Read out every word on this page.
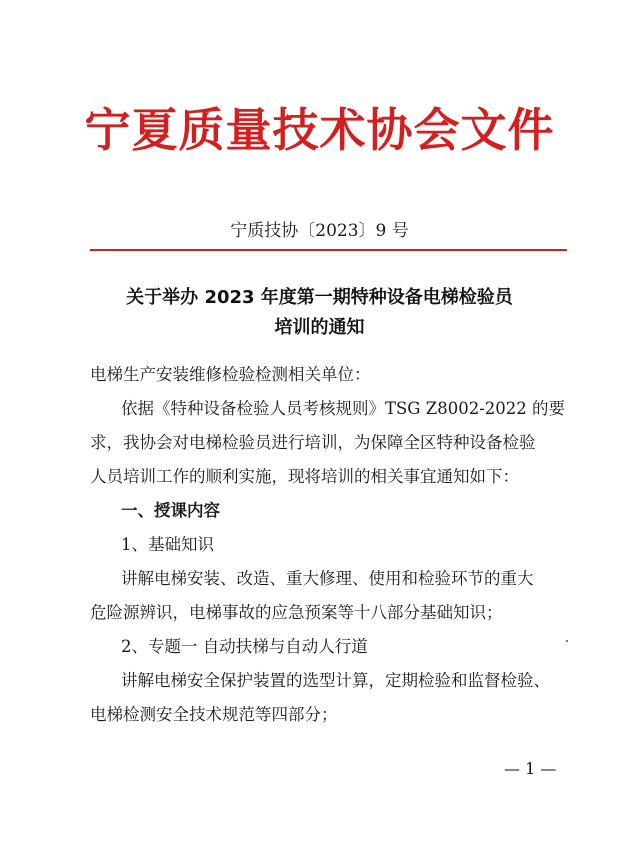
宁夏质量技术协会文件
宁质技协〔2023〕9 号
关于举办 2023 年度第一期特种设备电梯检验员
培训的通知
电梯生产安装维修检验检测相关单位：
依据《特种设备检验人员考核规则》TSG Z8002-2022 的要
求，我协会对电梯检验员进行培训，为保障全区特种设备检验
人员培训工作的顺利实施，现将培训的相关事宜通知如下：
一、授课内容
1、基础知识
讲解电梯安装、改造、重大修理、使用和检验环节的重大
危险源辨识，电梯事故的应急预案等十八部分基础知识；
2、专题一 自动扶梯与自动人行道
讲解电梯安全保护装置的选型计算，定期检验和监督检验、
电梯检测安全技术规范等四部分；
— 1 —
